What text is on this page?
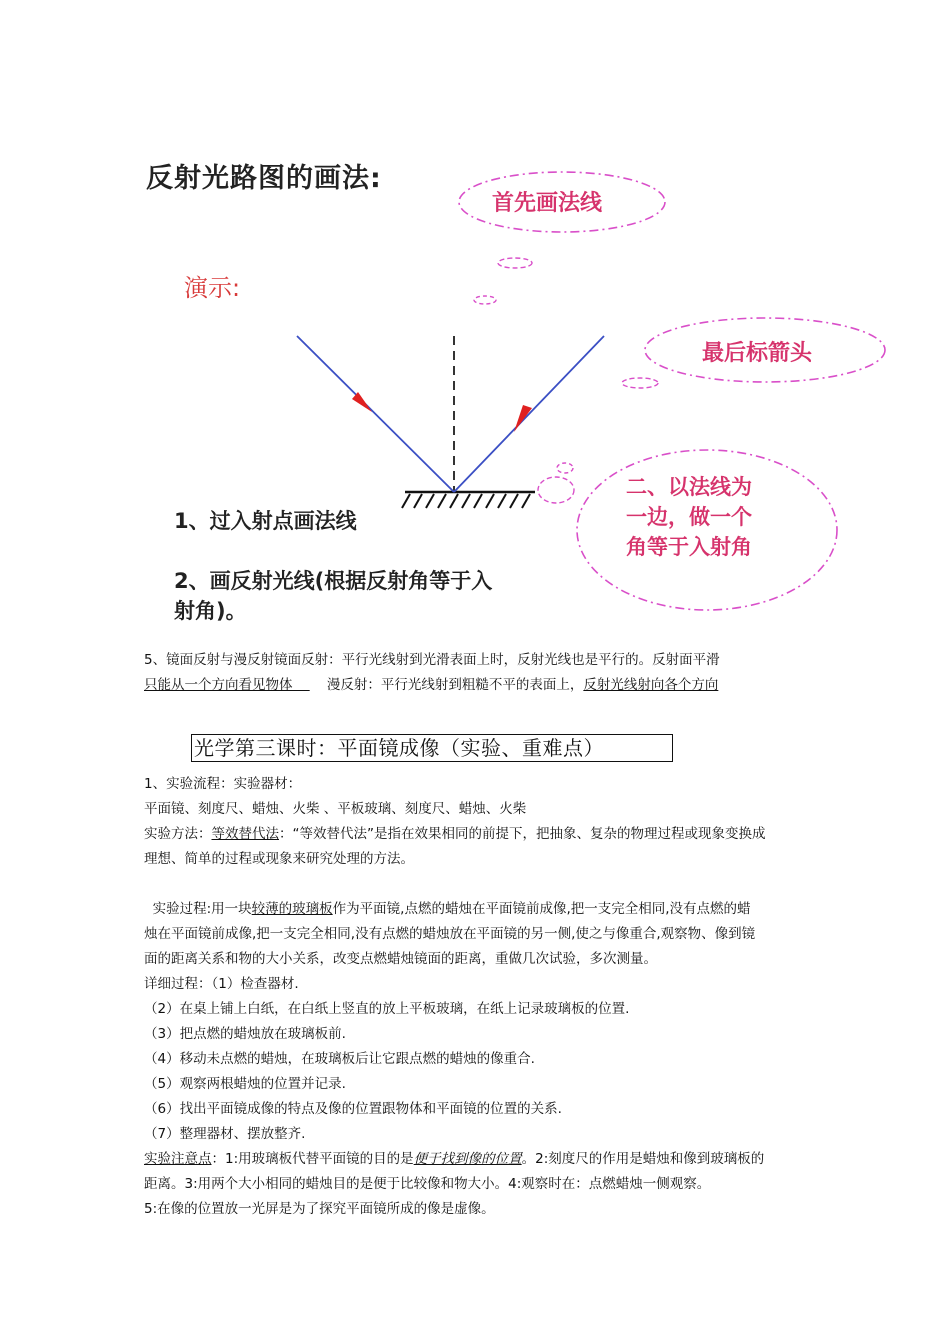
反射光路图的画法:
演示:
首先画法线
最后标箭头
二、以法线为
一边，做一个
角等于入射角
1、过入射点画法线
2、画反射光线(根据反射角等于入
射角)。
5、镜面反射与漫反射镜面反射：平行光线射到光滑表面上时，反射光线也是平行的。反射面平滑
只能从一个方向看见物体	漫反射：平行光线射到粗糙不平的表面上，反射光线射向各个方向
光学第三课时：平面镜成像（实验、重难点）
1、实验流程：实验器材：
平面镜、刻度尺、蜡烛、火柴 、平板玻璃、刻度尺、蜡烛、火柴
实验方法：等效替代法：“等效替代法”是指在效果相同的前提下，把抽象、复杂的物理过程或现象变换成
理想、简单的过程或现象来研究处理的方法。

实验过程:用一块较薄的玻璃板作为平面镜,点燃的蜡烛在平面镜前成像,把一支完全相同,没有点燃的蜡
烛在平面镜前成像,把一支完全相同,没有点燃的蜡烛放在平面镜的另一侧,使之与像重合,观察物、像到镜
面的距离关系和物的大小关系，改变点燃蜡烛镜面的距离，重做几次试验，多次测量。
详细过程：（1）检查器材.
（2）在桌上铺上白纸，在白纸上竖直的放上平板玻璃，在纸上记录玻璃板的位置.
（3）把点燃的蜡烛放在玻璃板前.
（4）移动未点燃的蜡烛，在玻璃板后让它跟点燃的蜡烛的像重合.
（5）观察两根蜡烛的位置并记录.
（6）找出平面镜成像的特点及像的位置跟物体和平面镜的位置的关系.
（7）整理器材、摆放整齐.
实验注意点：1:用玻璃板代替平面镜的目的是便于找到像的位置。2:刻度尺的作用是蜡烛和像到玻璃板的
距离。3:用两个大小相同的蜡烛目的是便于比较像和物大小。4:观察时在：点燃蜡烛一侧观察。
5:在像的位置放一光屏是为了探究平面镜所成的像是虚像。
